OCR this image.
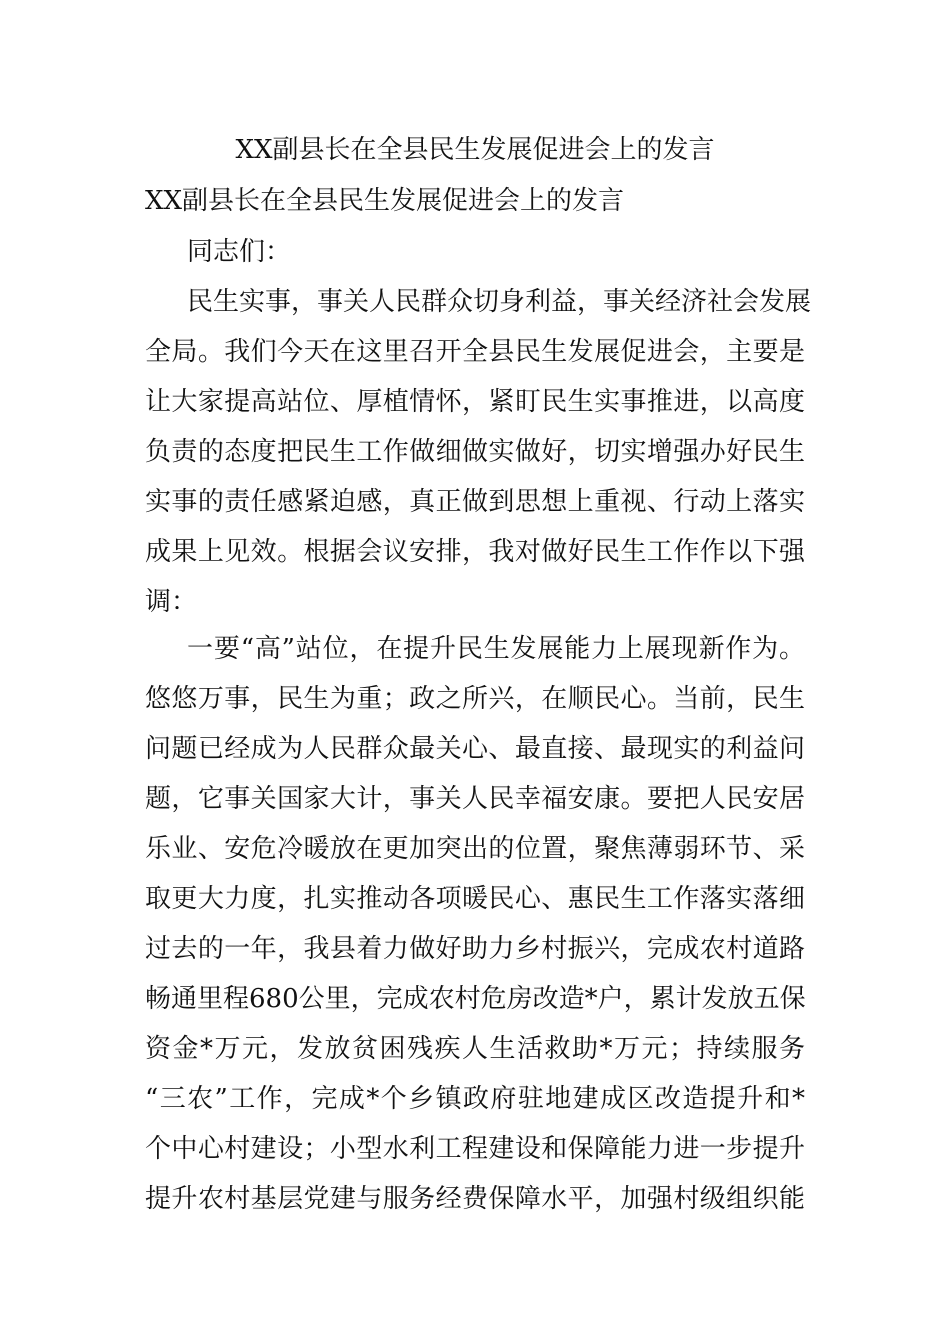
XX副县长在全县民生发展促进会上的发言
XX副县长在全县民生发展促进会上的发言
同志们：
民生实事，事关人民群众切身利益，事关经济社会发展
全局。我们今天在这里召开全县民生发展促进会，主要是
让大家提高站位、厚植情怀，紧盯民生实事推进，以高度
负责的态度把民生工作做细做实做好，切实增强办好民生
实事的责任感紧迫感，真正做到思想上重视、行动上落实
成果上见效。根据会议安排，我对做好民生工作作以下强
调：
一要“高”站位，在提升民生发展能力上展现新作为。
悠悠万事，民生为重；政之所兴，在顺民心。当前，民生
问题已经成为人民群众最关心、最直接、最现实的利益问
题，它事关国家大计，事关人民幸福安康。要把人民安居
乐业、安危冷暖放在更加突出的位置，聚焦薄弱环节、采
取更大力度，扎实推动各项暖民心、惠民生工作落实落细
过去的一年，我县着力做好助力乡村振兴，完成农村道路
畅通里程680公里，完成农村危房改造*户，累计发放五保
资金*万元，发放贫困残疾人生活救助*万元；持续服务
“三农”工作，完成*个乡镇政府驻地建成区改造提升和*
个中心村建设；小型水利工程建设和保障能力进一步提升
提升农村基层党建与服务经费保障水平，加强村级组织能
